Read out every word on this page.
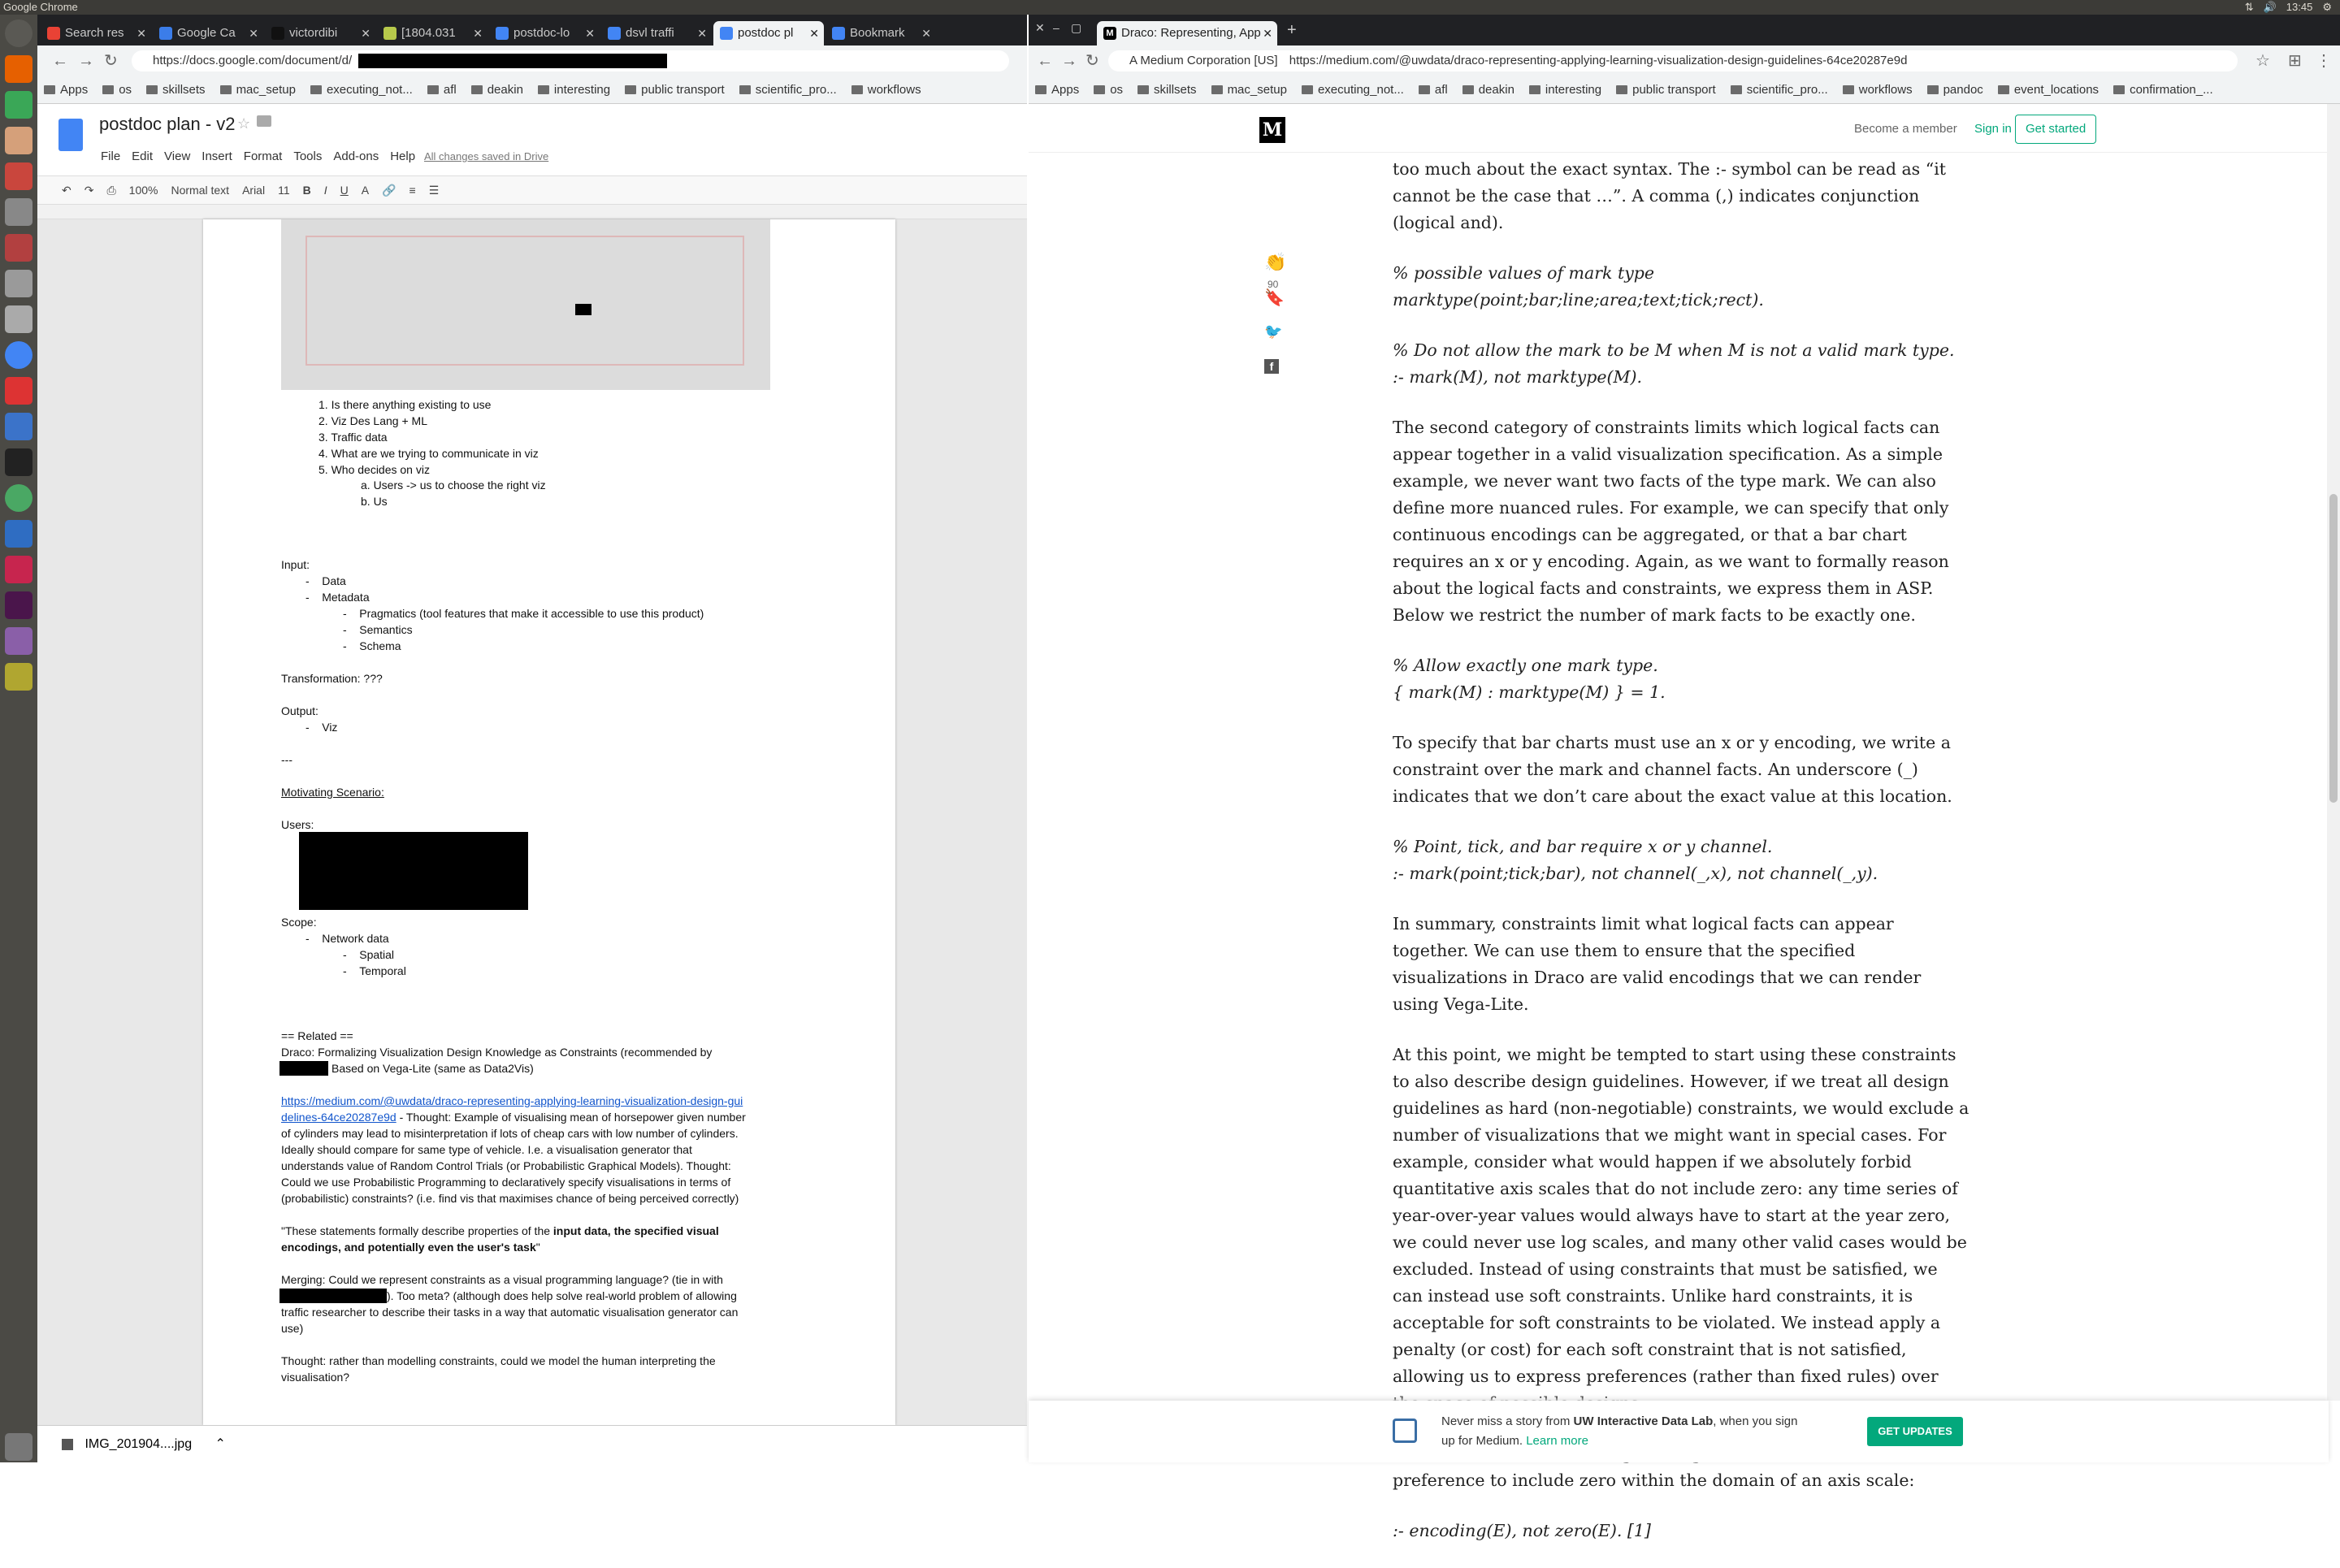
Google Chrome	⇅ 🔊 13:45 ⚙
Search res ✕	Google Ca ✕	victordibi ✕	[1804.031 ✕	postdoc-lo ✕	dsvl traffi ✕	postdoc pl ✕	Bookmark ✕
← → ↻	https://docs.google.com/document/d/
Apps	os	skillsets	mac_setup	executing_not...	afl	deakin	interesting	public transport	scientific_pro...	workflows
postdoc plan - v2 ☆
File Edit View Insert Format Tools Add-ons Help All changes saved in Drive
↶ ↷ ⎙ 100% Normal text Arial 11 B I U A 🔗 ≡ ☰
1. Is there anything existing to use
2. Viz Des Lang + ML
3. Traffic data
4. What are we trying to communicate in viz
5. Who decides on viz
a. Users -> us to choose the right viz
b. Us
Input:
-    Data
-    Metadata
-    Pragmatics (tool features that make it accessible to use this product)
-    Semantics
-    Schema
Transformation: ???
Output:
-    Viz
---
Motivating Scenario:
Users:

Scope:
-    Network data
-    Spatial
-    Temporal
== Related ==
Draco: Formalizing Visualization Design Knowledge as Constraints (recommended by
Based on Vega-Lite (same as Data2Vis)
https://medium.com/@uwdata/draco-representing-applying-learning-visualization-design-gui
delines-64ce20287e9d - Thought: Example of visualising mean of horsepower given number
of cylinders may lead to misinterpretation if lots of cheap cars with low number of cylinders.
Ideally should compare for same type of vehicle. I.e. a visualisation generator that
understands value of Random Control Trials (or Probabilistic Graphical Models). Thought:
Could we use Probabilistic Programming to declaratively specify visualisations in terms of
(probabilistic) constraints? (i.e. find vis that maximises chance of being perceived correctly)
"These statements formally describe properties of the input data, the specified visual
encodings, and potentially even the user's task"
Merging: Could we represent constraints as a visual programming language? (tie in with
). Too meta? (although does help solve real-world problem of allowing
traffic researcher to describe their tasks in a way that automatic visualisation generator can
use)
Thought: rather than modelling constraints, could we model the human interpreting the
visualisation?
IMG_201904....jpg ⌃
✕ – ▢	M Draco: Representing, App ✕ +
← → ↻	A Medium Corporation [US] https://medium.com/@uwdata/draco-representing-applying-learning-visualization-design-guidelines-64ce20287e9d	☆ ⊞ ⋮
Apps	os	skillsets	mac_setup	executing_not...	afl	deakin	interesting	public transport	scientific_pro...	workflows	pandoc	event_locations	confirmation_...
M	Become a member Sign in	Get started
👏90
🔖
🐦
f

too much about the exact syntax. The :- symbol can be read as “it cannot be the case that …”. A comma (,) indicates conjunction (logical and).

% possible values of mark type
marktype(point;bar;line;area;text;tick;rect).

% Do not allow the mark to be M when M is not a valid mark type.
:- mark(M), not marktype(M).

The second category of constraints limits which logical facts can appear together in a valid visualization specification. As a simple example, we never want two facts of the type mark. We can also define more nuanced rules. For example, we can specify that only continuous encodings can be aggregated, or that a bar chart requires an x or y encoding. Again, as we want to formally reason about the logical facts and constraints, we express them in ASP. Below we restrict the number of mark facts to be exactly one.

% Allow exactly one mark type.
{ mark(M) : marktype(M) } = 1.

To specify that bar charts must use an x or y encoding, we write a constraint over the mark and channel facts. An underscore (_) indicates that we don’t care about the exact value at this location.

% Point, tick, and bar require x or y channel.
:- mark(point;tick;bar), not channel(_,x), not channel(_,y).

In summary, constraints limit what logical facts can appear together. We can use them to ensure that the specified visualizations in Draco are valid encodings that we can render using Vega-Lite.

At this point, we might be tempted to start using these constraints to also describe design guidelines. However, if we treat all design guidelines as hard (non-negotiable) constraints, we would exclude a number of visualizations that we might want in special cases. For example, consider what would happen if we absolutely forbid quantitative axis scales that do not include zero: any time series of year-over-year values would always have to start at the year zero, we could never use log scales, and many other valid cases would be excluded. Instead of using constraints that must be satisfied, we can instead use soft constraints. Unlike hard constraints, it is acceptable for soft constraints to be violated. We instead apply a penalty (or cost) for each soft constraint that is not satisfied, allowing us to express preferences (rather than fixed rules) over

preference to include zero within the domain of an axis scale:

:- encoding(E), not zero(E). [1]

Never miss a story from UW Interactive Data Lab, when you sign
up for Medium. Learn more
GET UPDATES
